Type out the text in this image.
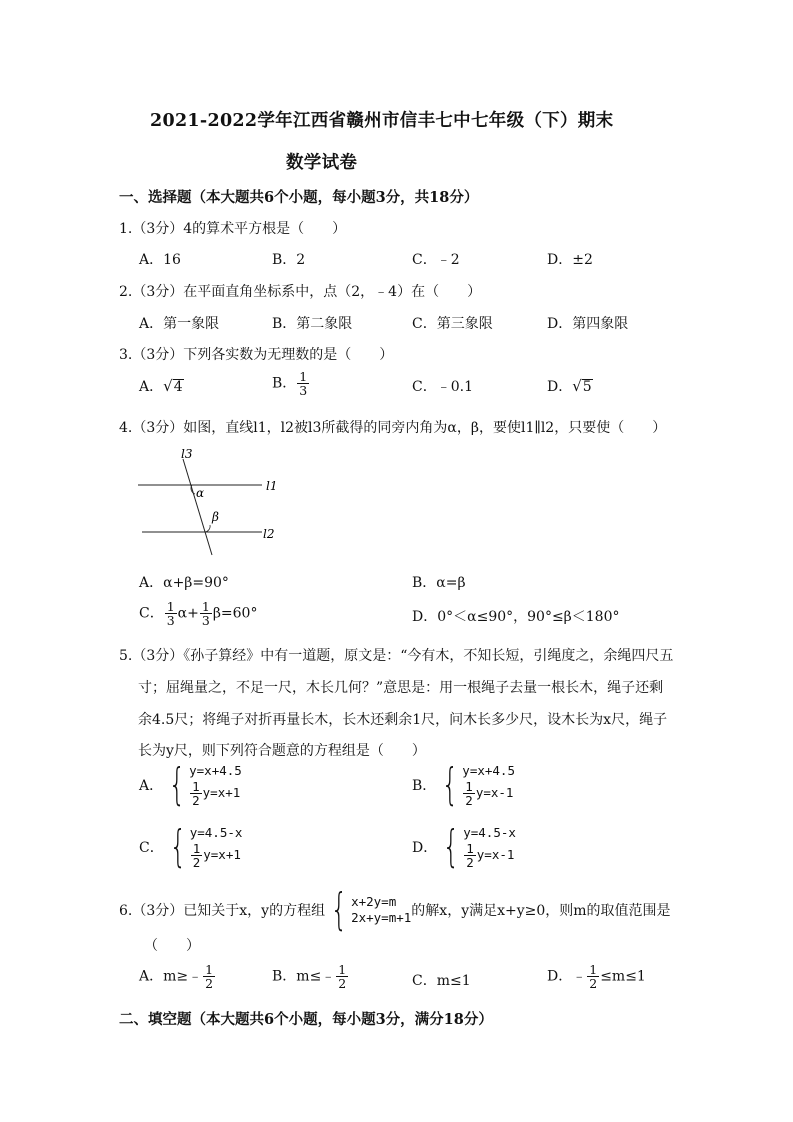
2021-2022学年江西省赣州市信丰七中七年级（下）期末
数学试卷
一、选择题（本大题共6个小题，每小题3分，共18分）
1.（3分）4的算术平方根是（　　）
A．16	B．2	C．﹣2	D．±2
2.（3分）在平面直角坐标系中，点（2，﹣4）在（　　）
A．第一象限	B．第二象限	C．第三象限	D．第四象限
3.（3分）下列各实数为无理数的是（　　）
A． √ 4	B． $\frac{1}{3}$	C．﹣0.1	D． √ 5
4.（3分）如图，直线l1，l2被l3所截得的同旁内角为α，β，要使l1∥l2，只要使（　　）
l3
l1
l2
α
β
A．α+β=90°	B．α=β
C． $\frac{1}{3} \alpha+ \frac{1}{3} \beta=60^\circ$	D．0°＜α≤90°，90°≤β＜180°
5.（3分）《孙子算经》中有一道题，原文是：“今有木，不知长短，引绳度之，余绳四尺五
寸；屈绳量之，不足一尺，木长几何？”意思是：用一根绳子去量一根长木，绳子还剩
余4.5尺；将绳子对折再量长木，长木还剩余1尺，问木长多少尺，设木长为x尺，绳子
长为y尺，则下列符合题意的方程组是（　　）
A． { y=x+4.5
$\frac{1}{2} y=x+1$	B． { y=x+4.5
$\frac{1}{2} y=x-1$
C． { y=4.5-x
$\frac{1}{2} y=x+1$	D． { y=4.5-x
$\frac{1}{2} y=x-1$
6.（3分）已知关于x，y的方程组 { x+2y=m
2x+y=m+1 的解x，y满足x+y≥0，则m的取值范围是
（　　）
A．m≥﹣ $\frac{1}{2}$	B．m≤﹣ $\frac{1}{2}$	C．m≤1	D．﹣ $\frac{1}{2} \le m\le 1$
二、填空题（本大题共6个小题，每小题3分，满分18分）
